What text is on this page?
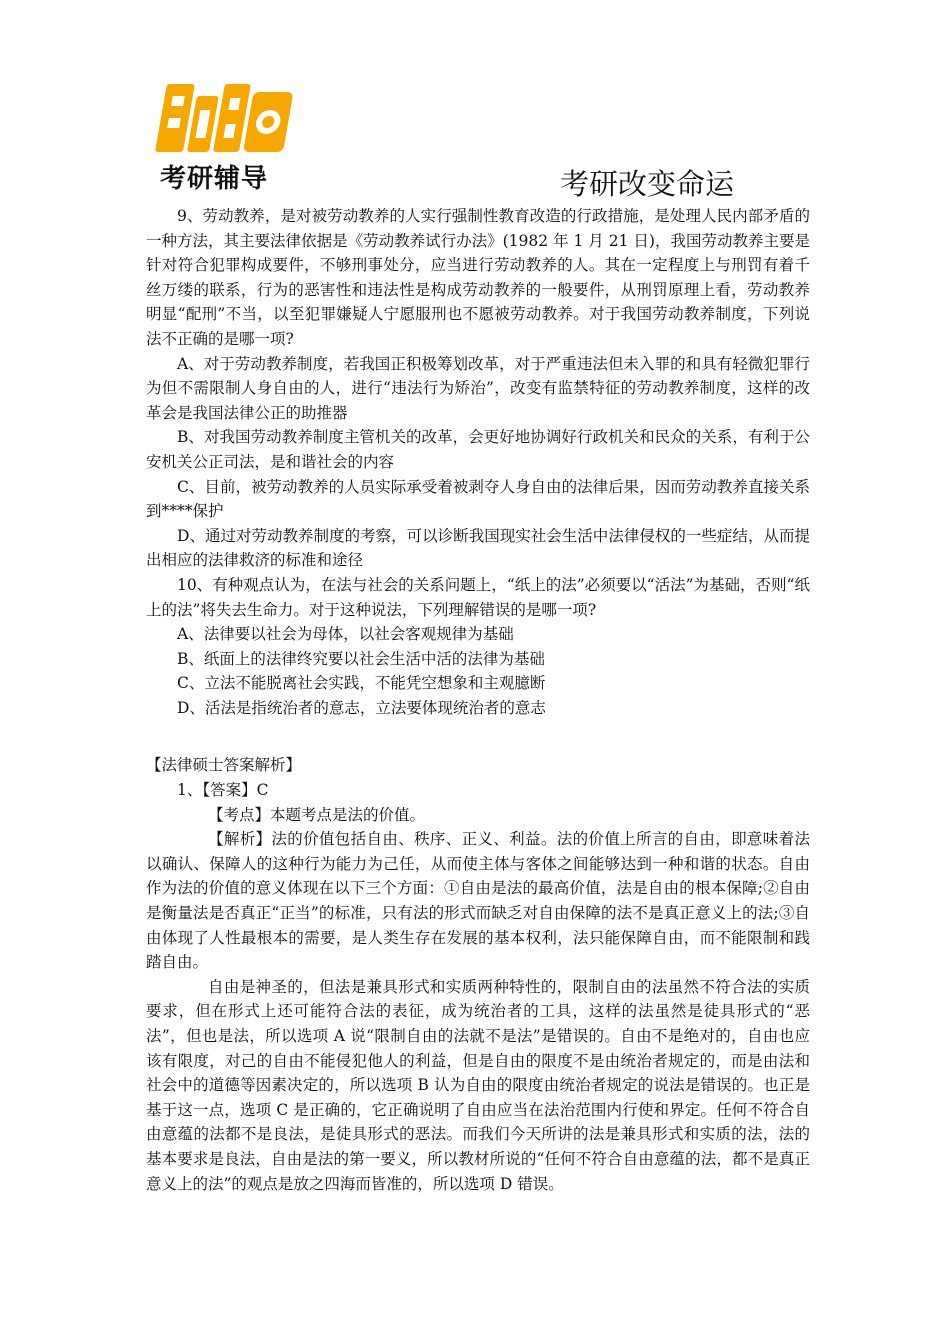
考研辅导	考研改变命运

9、劳动教养，是对被劳动教养的人实行强制性教育改造的行政措施，是处理人民内部矛盾的一种方法，其主要法律依据是《劳动教养试行办法》(1982 年 1 月 21 日)，我国劳动教养主要是针对符合犯罪构成要件，不够刑事处分，应当进行劳动教养的人。其在一定程度上与刑罚有着千丝万缕的联系，行为的恶害性和违法性是构成劳动教养的一般要件，从刑罚原理上看，劳动教养明显“配刑”不当，以至犯罪嫌疑人宁愿服刑也不愿被劳动教养。对于我国劳动教养制度，下列说法不正确的是哪一项?

A、对于劳动教养制度，若我国正积极筹划改革，对于严重违法但未入罪的和具有轻微犯罪行为但不需限制人身自由的人，进行“违法行为矫治”，改变有监禁特征的劳动教养制度，这样的改革会是我国法律公正的助推器

B、对我国劳动教养制度主管机关的改革，会更好地协调好行政机关和民众的关系，有利于公安机关公正司法，是和谐社会的内容

C、目前，被劳动教养的人员实际承受着被剥夺人身自由的法律后果，因而劳动教养直接关系到****保护

D、通过对劳动教养制度的考察，可以诊断我国现实社会生活中法律侵权的一些症结，从而提出相应的法律救济的标准和途径

10、有种观点认为，在法与社会的关系问题上，“纸上的法”必须要以“活法”为基础，否则“纸上的法”将失去生命力。对于这种说法，下列理解错误的是哪一项?

A、法律要以社会为母体，以社会客观规律为基础

B、纸面上的法律终究要以社会生活中活的法律为基础

C、立法不能脱离社会实践，不能凭空想象和主观臆断

D、活法是指统治者的意志，立法要体现统治者的意志

【法律硕士答案解析】

1、【答案】C

【考点】本题考点是法的价值。

【解析】法的价值包括自由、秩序、正义、利益。法的价值上所言的自由，即意味着法以确认、保障人的这种行为能力为己任，从而使主体与客体之间能够达到一种和谐的状态。自由作为法的价值的意义体现在以下三个方面：①自由是法的最高价值，法是自由的根本保障;②自由是衡量法是否真正“正当”的标准，只有法的形式而缺乏对自由保障的法不是真正意义上的法;③自由体现了人性最根本的需要，是人类生存在发展的基本权利，法只能保障自由，而不能限制和践踏自由。

自由是神圣的，但法是兼具形式和实质两种特性的，限制自由的法虽然不符合法的实质要求，但在形式上还可能符合法的表征，成为统治者的工具，这样的法虽然是徒具形式的“恶法”，但也是法，所以选项 A 说“限制自由的法就不是法”是错误的。自由不是绝对的，自由也应该有限度，对己的自由不能侵犯他人的利益，但是自由的限度不是由统治者规定的，而是由法和社会中的道德等因素决定的，所以选项 B 认为自由的限度由统治者规定的说法是错误的。也正是基于这一点，选项 C 是正确的，它正确说明了自由应当在法治范围内行使和界定。任何不符合自由意蕴的法都不是良法，是徒具形式的恶法。而我们今天所讲的法是兼具形式和实质的法，法的基本要求是良法，自由是法的第一要义，所以教材所说的“任何不符合自由意蕴的法，都不是真正意义上的法”的观点是放之四海而皆准的，所以选项 D 错误。
